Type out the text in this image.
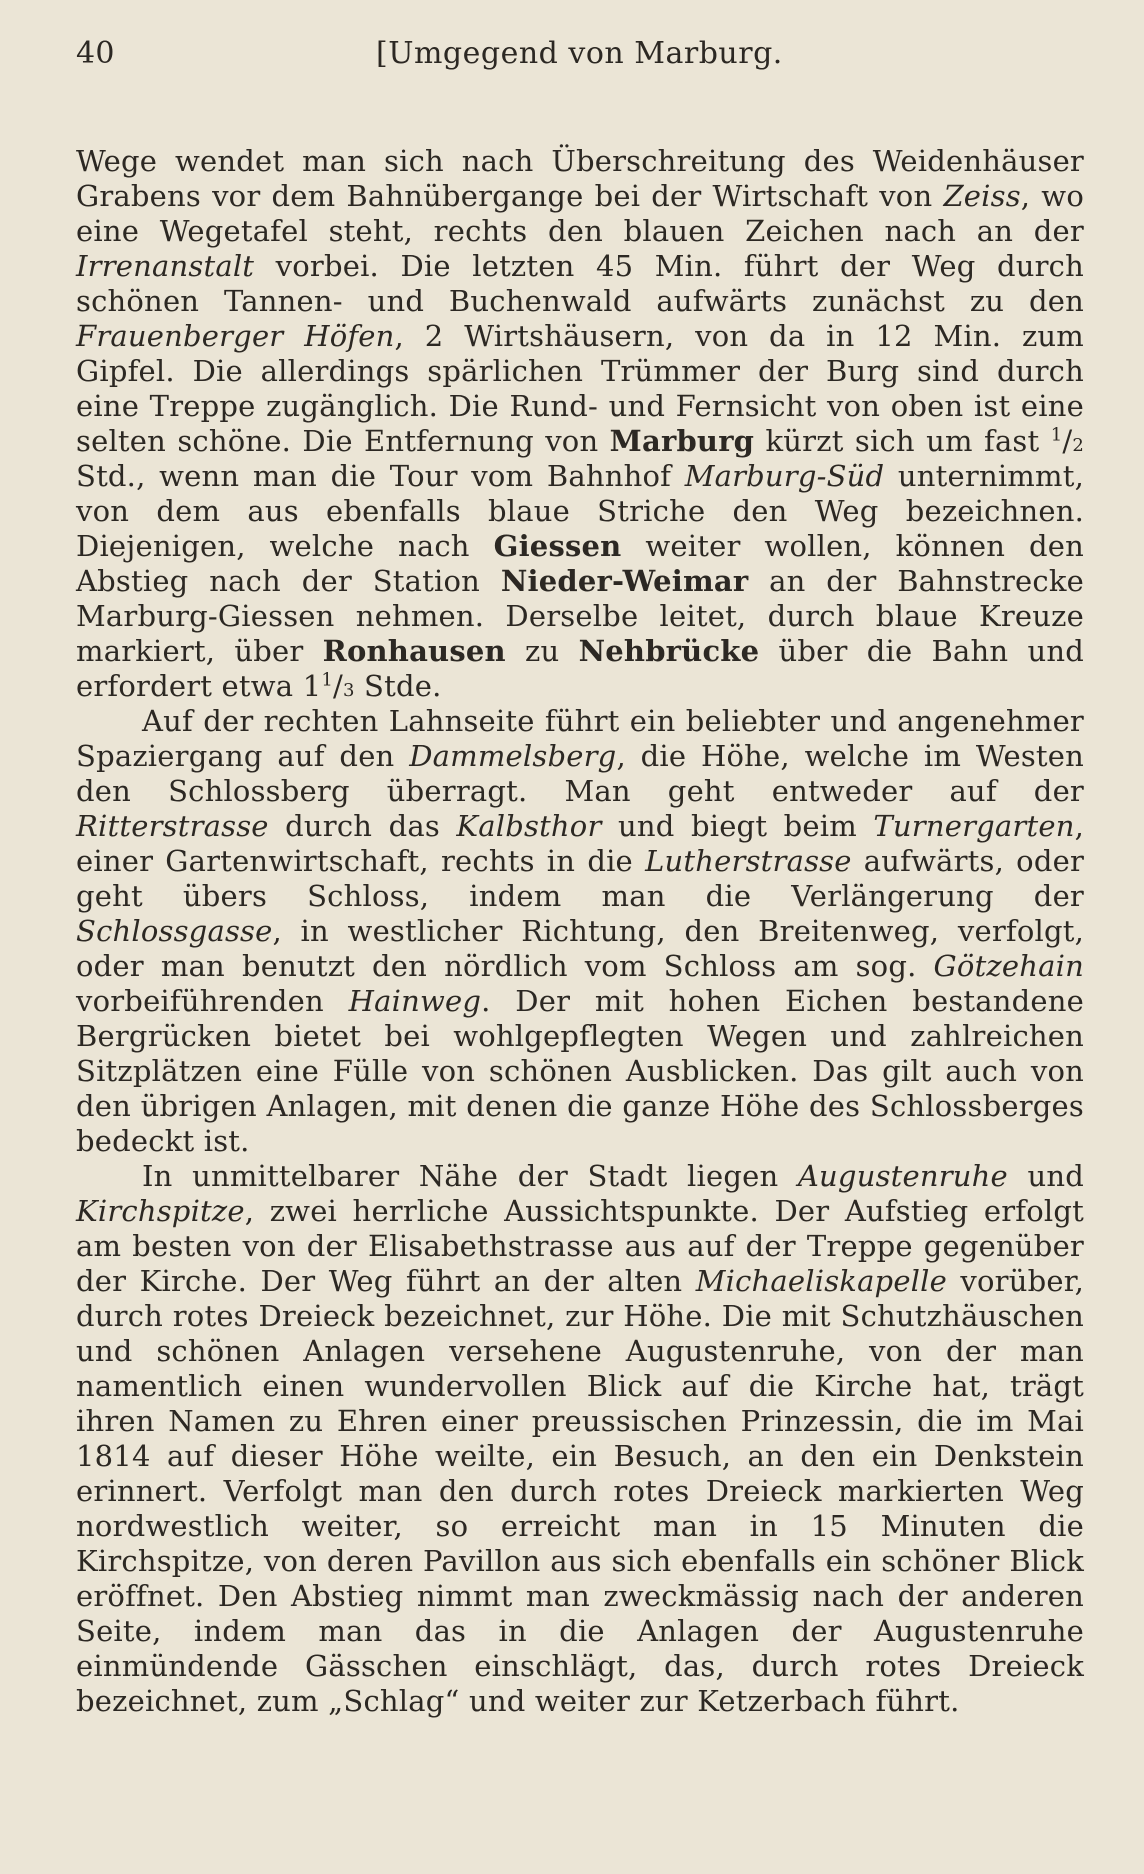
40	[Umgegend von Marburg.

Wege wendet man sich nach Überschreitung des Weidenhäuser Grabens vor dem Bahnübergange bei der Wirtschaft von Zeiss, wo eine Wegetafel steht, rechts den blauen Zeichen nach an der Irrenanstalt vorbei. Die letzten 45 Min. führt der Weg durch schönen Tannen- und Buchenwald aufwärts zunächst zu den Frauenberger Höfen, 2 Wirtshäusern, von da in 12 Min. zum Gipfel. Die allerdings spärlichen Trümmer der Burg sind durch eine Treppe zugänglich. Die Rund- und Fernsicht von oben ist eine selten schöne. Die Entfernung von Marburg kürzt sich um fast $^1$/2 Std., wenn man die Tour vom Bahnhof Marburg-Süd unternimmt, von dem aus ebenfalls blaue Striche den Weg bezeichnen. Diejenigen, welche nach Giessen weiter wollen, können den Abstieg nach der Station Nieder-Weimar an der Bahnstrecke Marburg-Giessen nehmen. Derselbe leitet, durch blaue Kreuze markiert, über Ronhausen zu Nehbrücke über die Bahn und erfordert etwa $1^1/3$ Stde.

Auf der rechten Lahnseite führt ein beliebter und angenehmer Spaziergang auf den Dammelsberg, die Höhe, welche im Westen den Schlossberg überragt. Man geht entweder auf der Ritterstrasse durch das Kalbsthor und biegt beim Turnergarten, einer Gartenwirtschaft, rechts in die Lutherstrasse aufwärts, oder geht übers Schloss, indem man die Verlängerung der Schlossgasse, in westlicher Richtung, den Breitenweg, verfolgt, oder man benutzt den nördlich vom Schloss am sog. Götzehain vorbeiführenden Hainweg. Der mit hohen Eichen bestandene Bergrücken bietet bei wohlgepflegten Wegen und zahlreichen Sitzplätzen eine Fülle von schönen Ausblicken. Das gilt auch von den übrigen Anlagen, mit denen die ganze Höhe des Schlossberges bedeckt ist.

In unmittelbarer Nähe der Stadt liegen Augustenruhe und Kirchspitze, zwei herrliche Aussichtspunkte. Der Aufstieg erfolgt am besten von der Elisabethstrasse aus auf der Treppe gegenüber der Kirche. Der Weg führt an der alten Michaeliskapelle vorüber, durch rotes Dreieck bezeichnet, zur Höhe. Die mit Schutzhäuschen und schönen Anlagen versehene Augustenruhe, von der man namentlich einen wundervollen Blick auf die Kirche hat, trägt ihren Namen zu Ehren einer preussischen Prinzessin, die im Mai 1814 auf dieser Höhe weilte, ein Besuch, an den ein Denkstein erinnert. Verfolgt man den durch rotes Dreieck markierten Weg nordwestlich weiter, so erreicht man in 15 Minuten die Kirchspitze, von deren Pavillon aus sich ebenfalls ein schöner Blick eröffnet. Den Abstieg nimmt man zweckmässig nach der anderen Seite, indem man das in die Anlagen der Augustenruhe einmündende Gässchen einschlägt, das, durch rotes Dreieck bezeichnet, zum „Schlag“ und weiter zur Ketzerbach führt.
